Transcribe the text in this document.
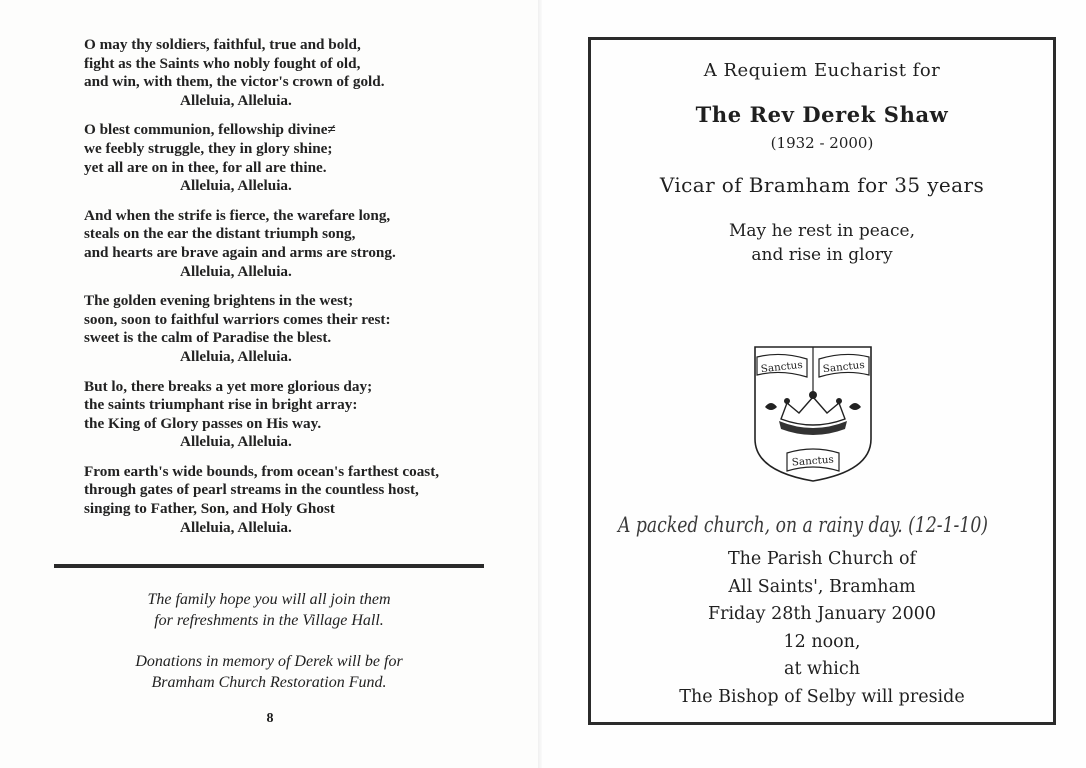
O may thy soldiers, faithful, true and bold,
fight as the Saints who nobly fought of old,
and win, with them, the victor's crown of gold.
Alleluia, Alleluia.
O blest communion, fellowship divine≠
we feebly struggle, they in glory shine;
yet all are on in thee, for all are thine.
Alleluia, Alleluia.
And when the strife is fierce, the warefare long,
steals on the ear the distant triumph song,
and hearts are brave again and arms are strong.
Alleluia, Alleluia.
The golden evening brightens in the west;
soon, soon to faithful warriors comes their rest:
sweet is the calm of Paradise the blest.
Alleluia, Alleluia.
But lo, there breaks a yet more glorious day;
the saints triumphant rise in bright array:
the King of Glory passes on His way.
Alleluia, Alleluia.
From earth's wide bounds, from ocean's farthest coast,
through gates of pearl streams in the countless host,
singing to Father, Son, and Holy Ghost
Alleluia, Alleluia.
The family hope you will all join them
for refreshments in the Village Hall.
Donations in memory of Derek will be for
Bramham Church Restoration Fund.
8
A Requiem Eucharist for
The Rev Derek Shaw
(1932 - 2000)
Vicar of Bramham for 35 years
May he rest in peace,
and rise in glory
Sanctus Sanctus
Sanctus
A packed church, on a rainy day. (12-1-10)
The Parish Church of
All Saints', Bramham
Friday 28th January 2000
12 noon,
at which
The Bishop of Selby will preside
